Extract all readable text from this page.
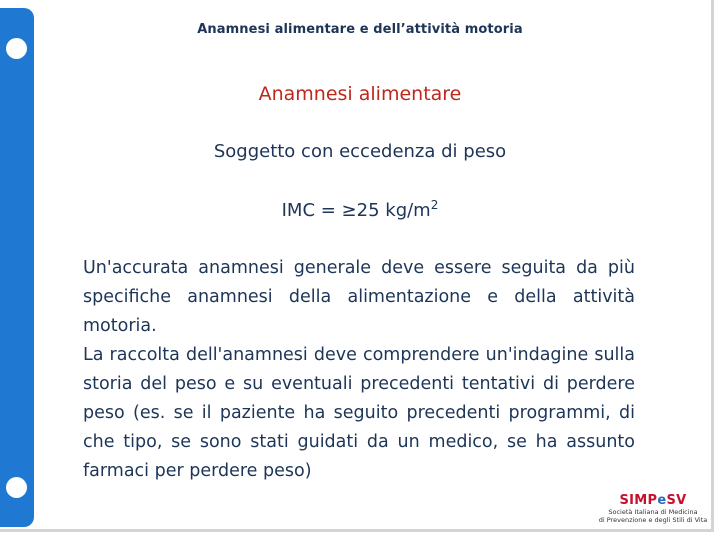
Anamnesi alimentare e dell’attività motoria
Anamnesi alimentare
Soggetto con eccedenza di peso
IMC = ≥25 $kg/m^2$

Un'accurata anamnesi generale deve essere seguita da più specifiche anamnesi della alimentazione e della attività motoria.

La raccolta dell'anamnesi deve comprendere un'indagine sulla storia del peso e su eventuali precedenti tentativi di perdere peso (es. se il paziente ha seguito precedenti programmi, di che tipo, se sono stati guidati da un medico, se ha assunto farmaci per perdere peso)

SIMPeSV
Società Italiana di Medicina
di Prevenzione e degli Stili di Vita
